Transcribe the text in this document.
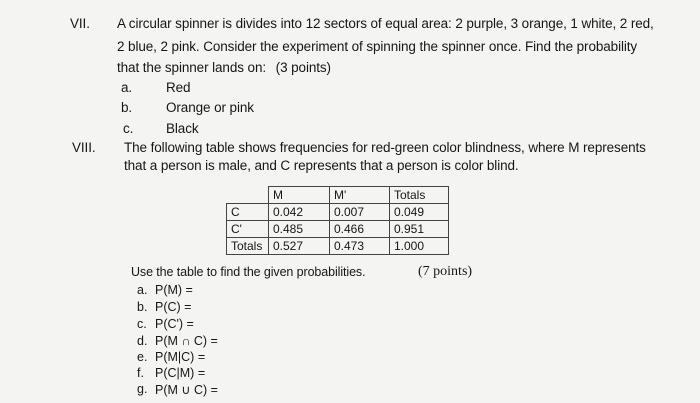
VII. A circular spinner is divides into 12 sectors of equal area: 2 purple, 3 orange, 1 white, 2 red,
2 blue, 2 pink. Consider the experiment of spinning the spinner once. Find the probability
that the spinner lands on: (3 points)
a.	Red
b.	Orange or pink
c. Black
VIII. The following table shows frequencies for red-green color blindness, where M represents
that a person is male, and C represents that a person is color blind.
	M	M'	Totals
C	0.042	0.007	0.049
C'	0.485	0.466	0.951
Totals	0.527	0.473	1.000
Use the table to find the given probabilities.	(7 points)
a. P(M) =
b. P(C) =
c. P(C') =
d. P(M ∩ C) =
e. P(M|C) =
f. P(C|M) =
g. P(M ∪ C) =
